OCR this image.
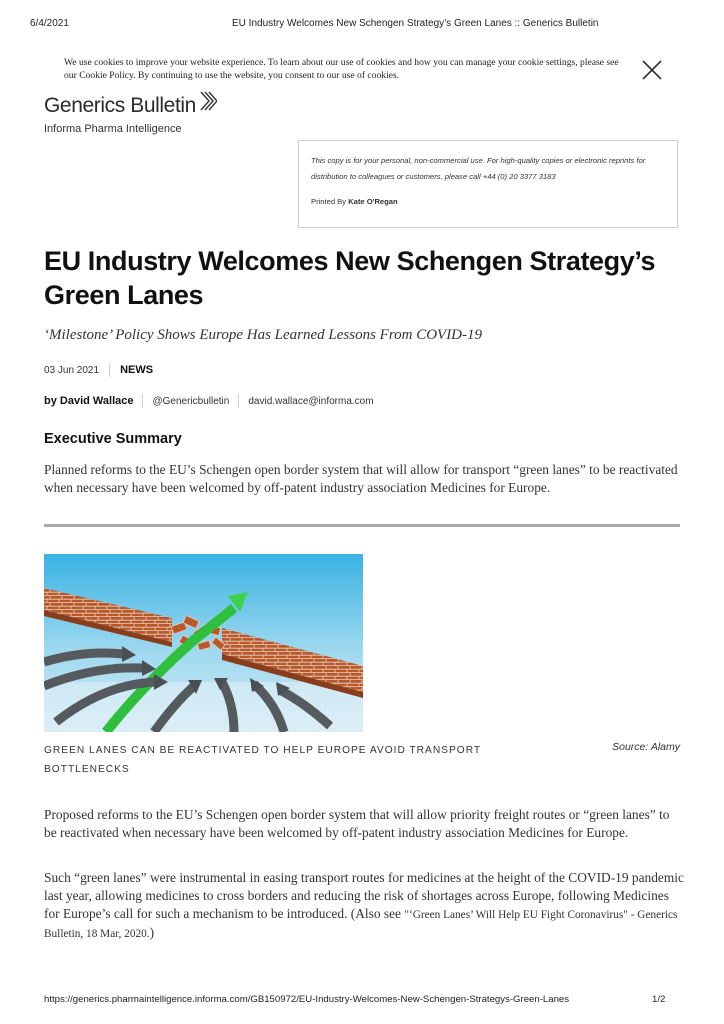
6/4/2021	EU Industry Welcomes New Schengen Strategy’s Green Lanes :: Generics Bulletin
We use cookies to improve your website experience. To learn about our use of cookies and how you can manage your cookie settings, please see our Cookie Policy. By continuing to use the website, you consent to our use of cookies.
Generics Bulletin
Informa Pharma Intelligence
This copy is for your personal, non-commercial use. For high-quality copies or electronic reprints for distribution to colleagues or customers, please call +44 (0) 20 3377 3183
Printed By Kate O'Regan
EU Industry Welcomes New Schengen Strategy’s Green Lanes

‘Milestone’ Policy Shows Europe Has Learned Lessons From COVID-19

03 Jun 2021 NEWS
by David Wallace @Genericbulletin david.wallace@informa.com
Executive Summary

Planned reforms to the EU’s Schengen open border system that will allow for transport “green lanes” to be reactivated when necessary have been welcomed by off-patent industry association Medicines for Europe.

GREEN LANES CAN BE REACTIVATED TO HELP EUROPE AVOID TRANSPORT BOTTLENECKS
Source: Alamy

Proposed reforms to the EU’s Schengen open border system that will allow priority freight routes or “green lanes” to be reactivated when necessary have been welcomed by off-patent industry association Medicines for Europe.

Such “green lanes” were instrumental in easing transport routes for medicines at the height of the COVID-19 pandemic last year, allowing medicines to cross borders and reducing the risk of shortages across Europe, following Medicines for Europe’s call for such a mechanism to be introduced. (Also see "‘Green Lanes’ Will Help EU Fight Coronavirus" - Generics Bulletin, 18 Mar, 2020.)

https://generics.pharmaintelligence.informa.com/GB150972/EU-Industry-Welcomes-New-Schengen-Strategys-Green-Lanes	1/2
